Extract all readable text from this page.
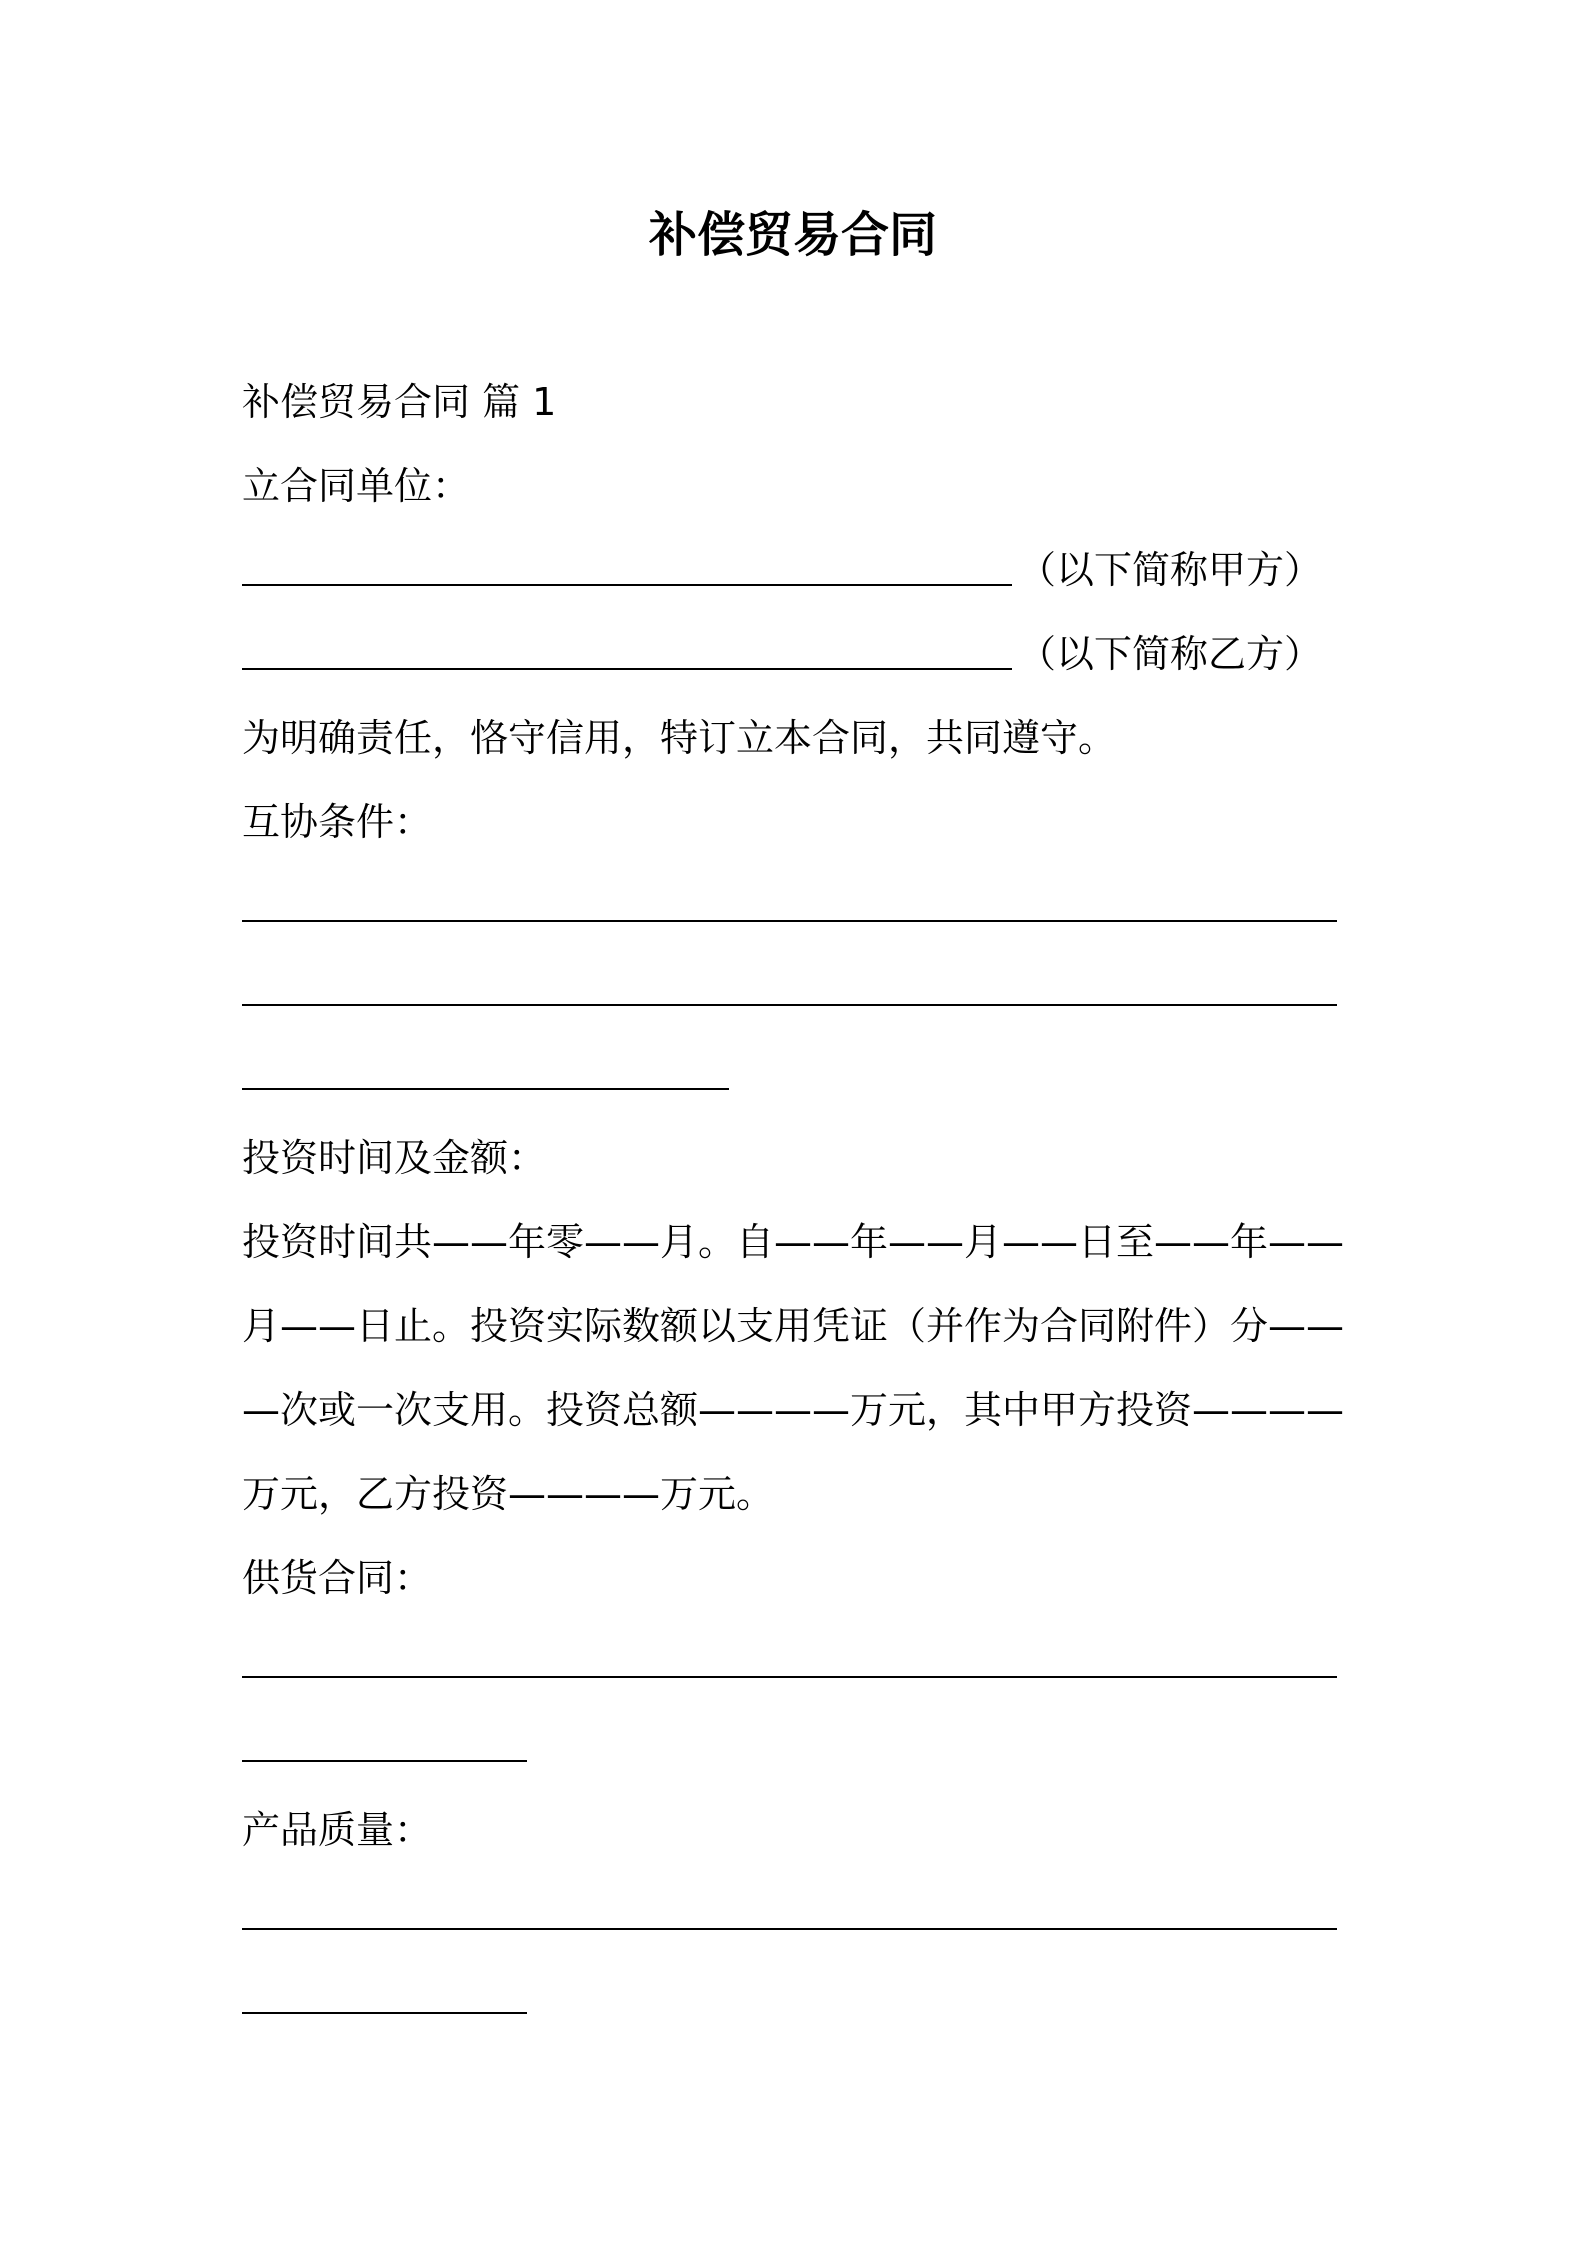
补偿贸易合同
补偿贸易合同 篇 1
立合同单位：
（以下简称甲方）
（以下简称乙方）
为明确责任，恪守信用，特订立本合同，共同遵守。
互协条件：
投资时间及金额：
投资时间共——年零——月。自——年——月——日至——年——
月——日止。投资实际数额以支用凭证（并作为合同附件）分——
—次或一次支用。投资总额————万元，其中甲方投资————
万元，乙方投资————万元。
供货合同：
产品质量：
